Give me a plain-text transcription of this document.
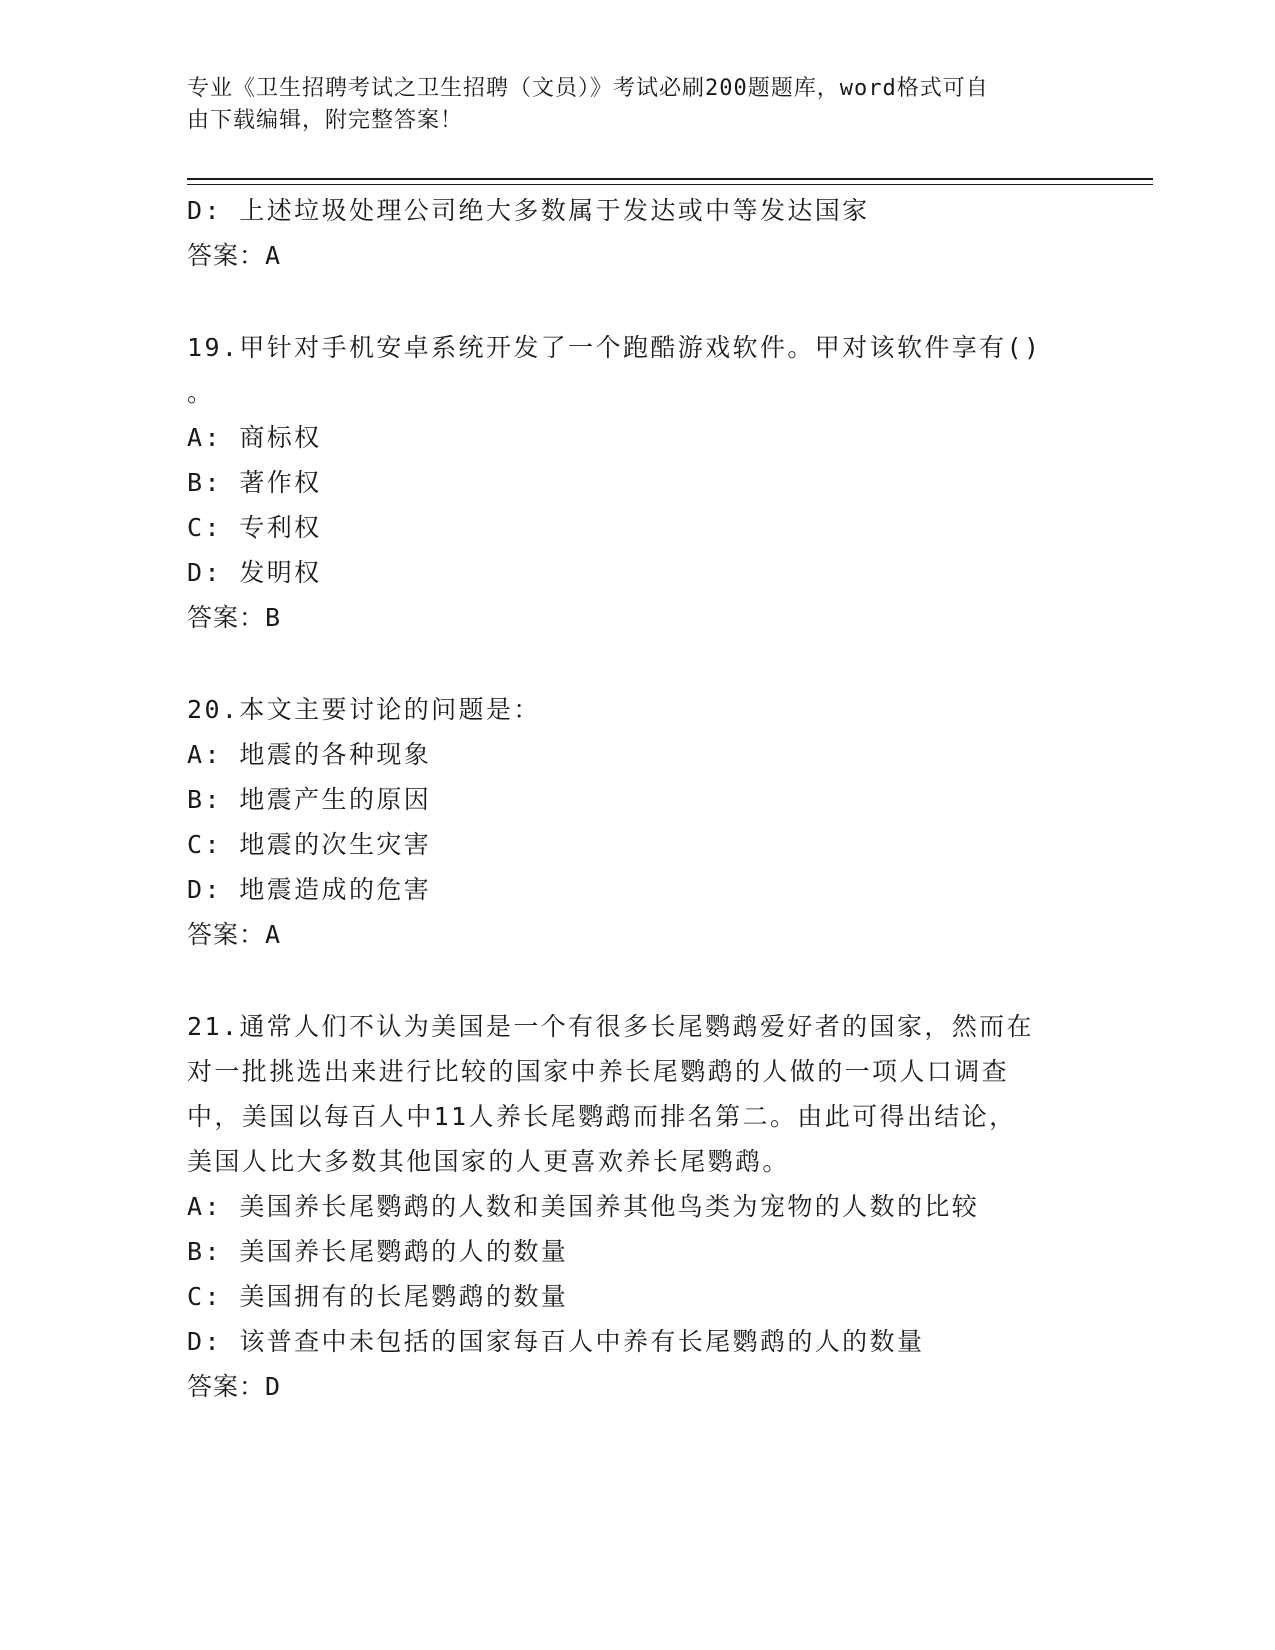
专业《卫生招聘考试之卫生招聘（文员）》考试必刷200题题库，word格式可自
由下载编辑，附完整答案！
D: 上述垃圾处理公司绝大多数属于发达或中等发达国家
答案：A
19.甲针对手机安卓系统开发了一个跑酷游戏软件。甲对该软件享有()
。
A: 商标权
B: 著作权
C: 专利权
D: 发明权
答案：B
20.本文主要讨论的问题是：
A: 地震的各种现象
B: 地震产生的原因
C: 地震的次生灾害
D: 地震造成的危害
答案：A
21.通常人们不认为美国是一个有很多长尾鹦鹉爱好者的国家，然而在
对一批挑选出来进行比较的国家中养长尾鹦鹉的人做的一项人口调查
中，美国以每百人中11人养长尾鹦鹉而排名第二。由此可得出结论，
美国人比大多数其他国家的人更喜欢养长尾鹦鹉。
A: 美国养长尾鹦鹉的人数和美国养其他鸟类为宠物的人数的比较
B: 美国养长尾鹦鹉的人的数量
C: 美国拥有的长尾鹦鹉的数量
D: 该普查中未包括的国家每百人中养有长尾鹦鹉的人的数量
答案：D
